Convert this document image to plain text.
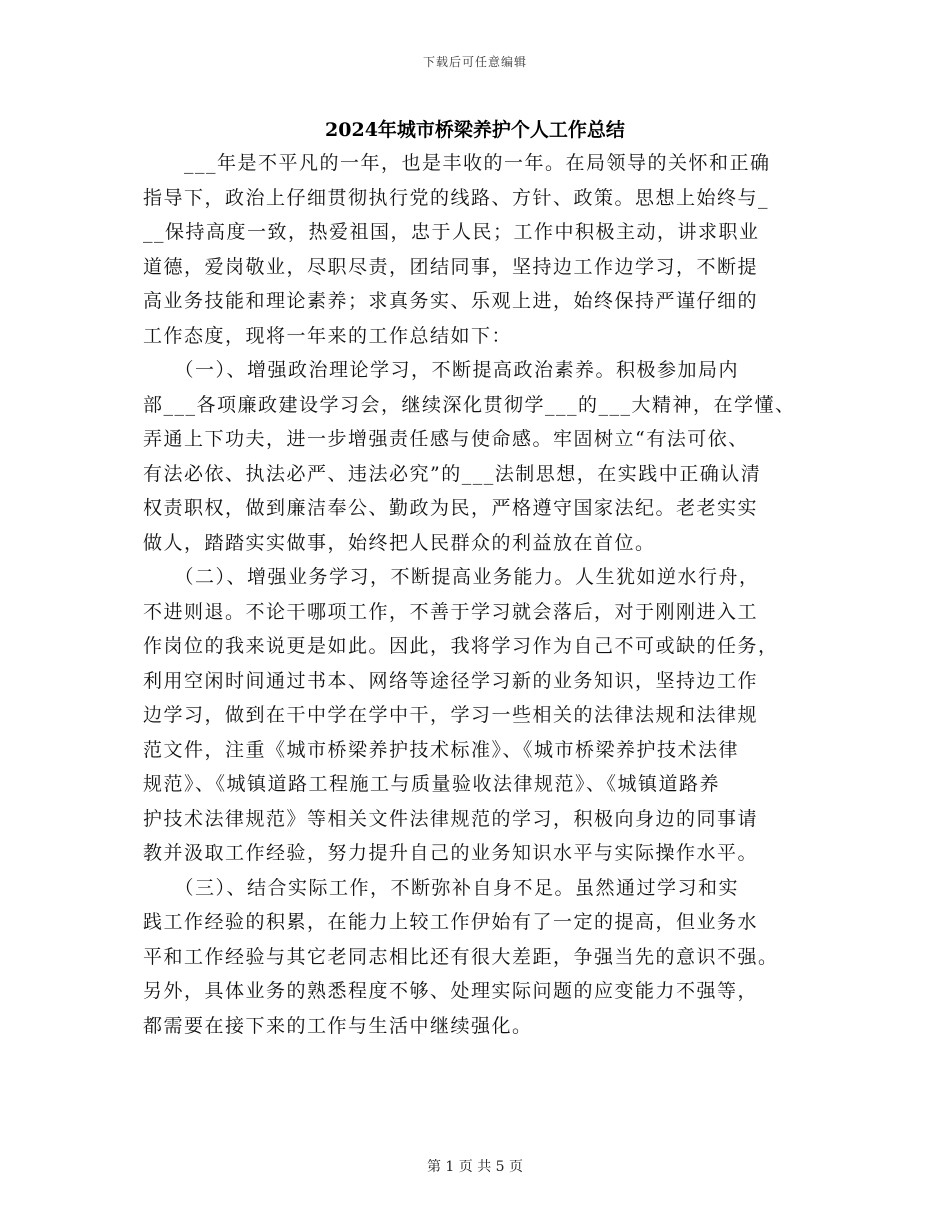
下载后可任意编辑
2024年城市桥梁养护个人工作总结
　　___年是不平凡的一年，也是丰收的一年。在局领导的关怀和正确
指导下，政治上仔细贯彻执行党的线路、方针、政策。思想上始终与_
__保持高度一致，热爱祖国，忠于人民；工作中积极主动，讲求职业
道德，爱岗敬业，尽职尽责，团结同事，坚持边工作边学习，不断提
高业务技能和理论素养；求真务实、乐观上进，始终保持严谨仔细的
工作态度，现将一年来的工作总结如下：
　　（一）、增强政治理论学习，不断提高政治素养。积极参加局内
部___各项廉政建设学习会，继续深化贯彻学___的___大精神，在学懂、
弄通上下功夫，进一步增强责任感与使命感。牢固树立“有法可依、
有法必依、执法必严、违法必究”的___法制思想，在实践中正确认清
权责职权，做到廉洁奉公、勤政为民，严格遵守国家法纪。老老实实
做人，踏踏实实做事，始终把人民群众的利益放在首位。
　　（二）、增强业务学习，不断提高业务能力。人生犹如逆水行舟，
不进则退。不论干哪项工作，不善于学习就会落后，对于刚刚进入工
作岗位的我来说更是如此。因此，我将学习作为自己不可或缺的任务，
利用空闲时间通过书本、网络等途径学习新的业务知识，坚持边工作
边学习，做到在干中学在学中干，学习一些相关的法律法规和法律规
范文件，注重《城市桥梁养护技术标准》、《城市桥梁养护技术法律
规范》、《城镇道路工程施工与质量验收法律规范》、《城镇道路养
护技术法律规范》等相关文件法律规范的学习，积极向身边的同事请
教并汲取工作经验，努力提升自己的业务知识水平与实际操作水平。
　　（三）、结合实际工作，不断弥补自身不足。虽然通过学习和实
践工作经验的积累，在能力上较工作伊始有了一定的提高，但业务水
平和工作经验与其它老同志相比还有很大差距，争强当先的意识不强。
另外，具体业务的熟悉程度不够、处理实际问题的应变能力不强等，
都需要在接下来的工作与生活中继续强化。
第 1 页 共 5 页
